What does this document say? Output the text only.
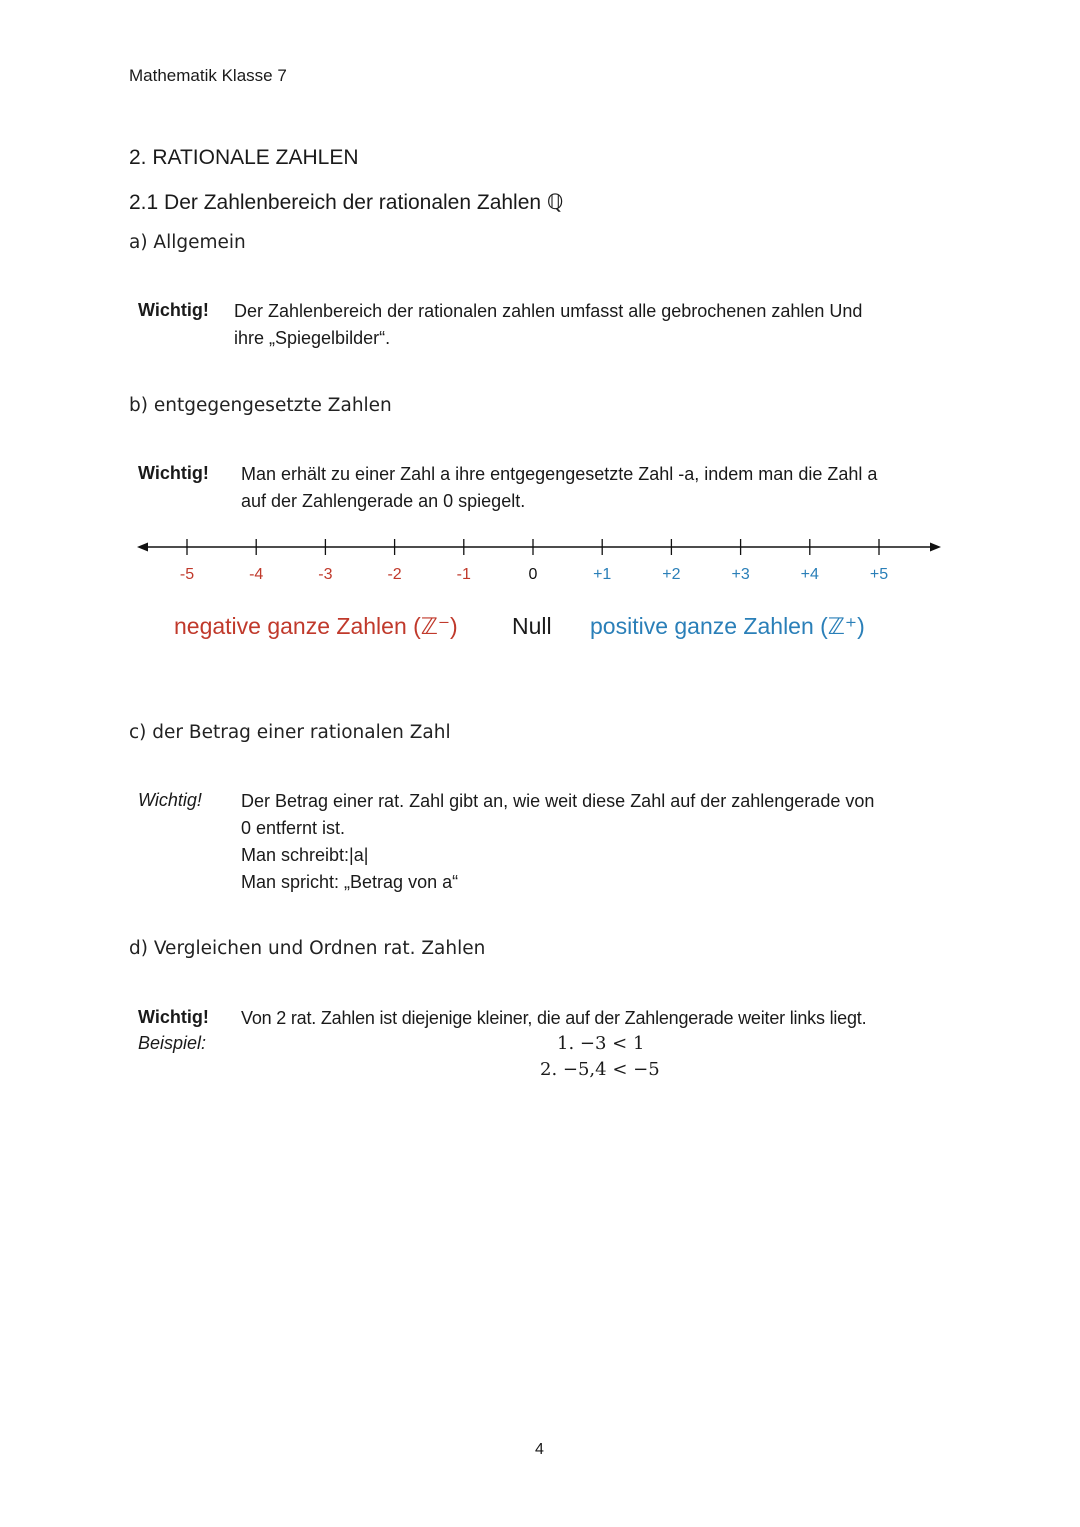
Mathematik Klasse 7
2. RATIONALE ZAHLEN
2.1 Der Zahlenbereich der rationalen Zahlen ℚ
a) Allgemein
Wichtig! Der Zahlenbereich der rationalen zahlen umfasst alle gebrochenen zahlen Und
ihre „Spiegelbilder“.
b) entgegengesetzte Zahlen
Wichtig! Man erhält zu einer Zahl a ihre entgegengesetzte Zahl -a, indem man die Zahl a
auf der Zahlengerade an 0 spiegelt.
-5	-4	-3	-2	-1	0	+1	+2	+3	+4	+5
negative ganze Zahlen (ℤ⁻) Null positive ganze Zahlen (ℤ⁺)
c) der Betrag einer rationalen Zahl
Wichtig! Der Betrag einer rat. Zahl gibt an, wie weit diese Zahl auf der zahlengerade von
0 entfernt ist.
Man schreibt:|a|
Man spricht: „Betrag von a“
d) Vergleichen und Ordnen rat. Zahlen
Wichtig!
Beispiel:
Von 2 rat. Zahlen ist diejenige kleiner, die auf der Zahlengerade weiter links liegt.
1. −3 < 1
2. −5,4 < −5
4
